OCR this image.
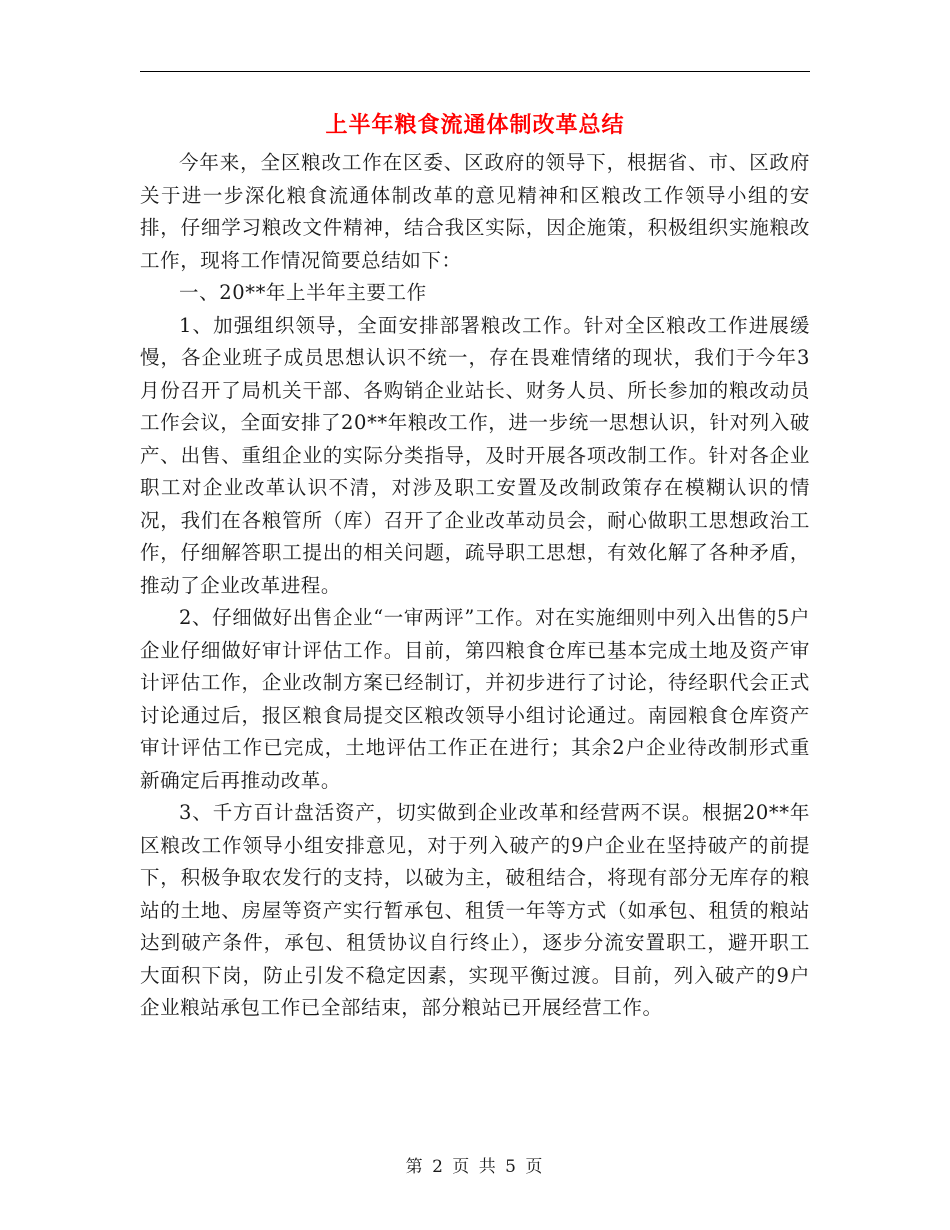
上半年粮食流通体制改革总结

今年来，全区粮改工作在区委、区政府的领导下，根据省、市、区政府关于进一步深化粮食流通体制改革的意见精神和区粮改工作领导小组的安排，仔细学习粮改文件精神，结合我区实际，因企施策，积极组织实施粮改工作，现将工作情况简要总结如下：

一、20**年上半年主要工作

1、加强组织领导，全面安排部署粮改工作。针对全区粮改工作进展缓慢，各企业班子成员思想认识不统一，存在畏难情绪的现状，我们于今年3月份召开了局机关干部、各购销企业站长、财务人员、所长参加的粮改动员工作会议，全面安排了20**年粮改工作，进一步统一思想认识，针对列入破产、出售、重组企业的实际分类指导，及时开展各项改制工作。针对各企业职工对企业改革认识不清，对涉及职工安置及改制政策存在模糊认识的情况，我们在各粮管所（库）召开了企业改革动员会，耐心做职工思想政治工作，仔细解答职工提出的相关问题，疏导职工思想，有效化解了各种矛盾，推动了企业改革进程。

2、仔细做好出售企业“一审两评”工作。对在实施细则中列入出售的5户企业仔细做好审计评估工作。目前，第四粮食仓库已基本完成土地及资产审计评估工作，企业改制方案已经制订，并初步进行了讨论，待经职代会正式讨论通过后，报区粮食局提交区粮改领导小组讨论通过。南园粮食仓库资产审计评估工作已完成，土地评估工作正在进行；其余2户企业待改制形式重新确定后再推动改革。

3、千方百计盘活资产，切实做到企业改革和经营两不误。根据20**年区粮改工作领导小组安排意见，对于列入破产的9户企业在坚持破产的前提下，积极争取农发行的支持，以破为主，破租结合，将现有部分无库存的粮站的土地、房屋等资产实行暂承包、租赁一年等方式（如承包、租赁的粮站达到破产条件，承包、租赁协议自行终止），逐步分流安置职工，避开职工大面积下岗，防止引发不稳定因素，实现平衡过渡。目前，列入破产的9户企业粮站承包工作已全部结束，部分粮站已开展经营工作。

第 2 页 共 5 页
